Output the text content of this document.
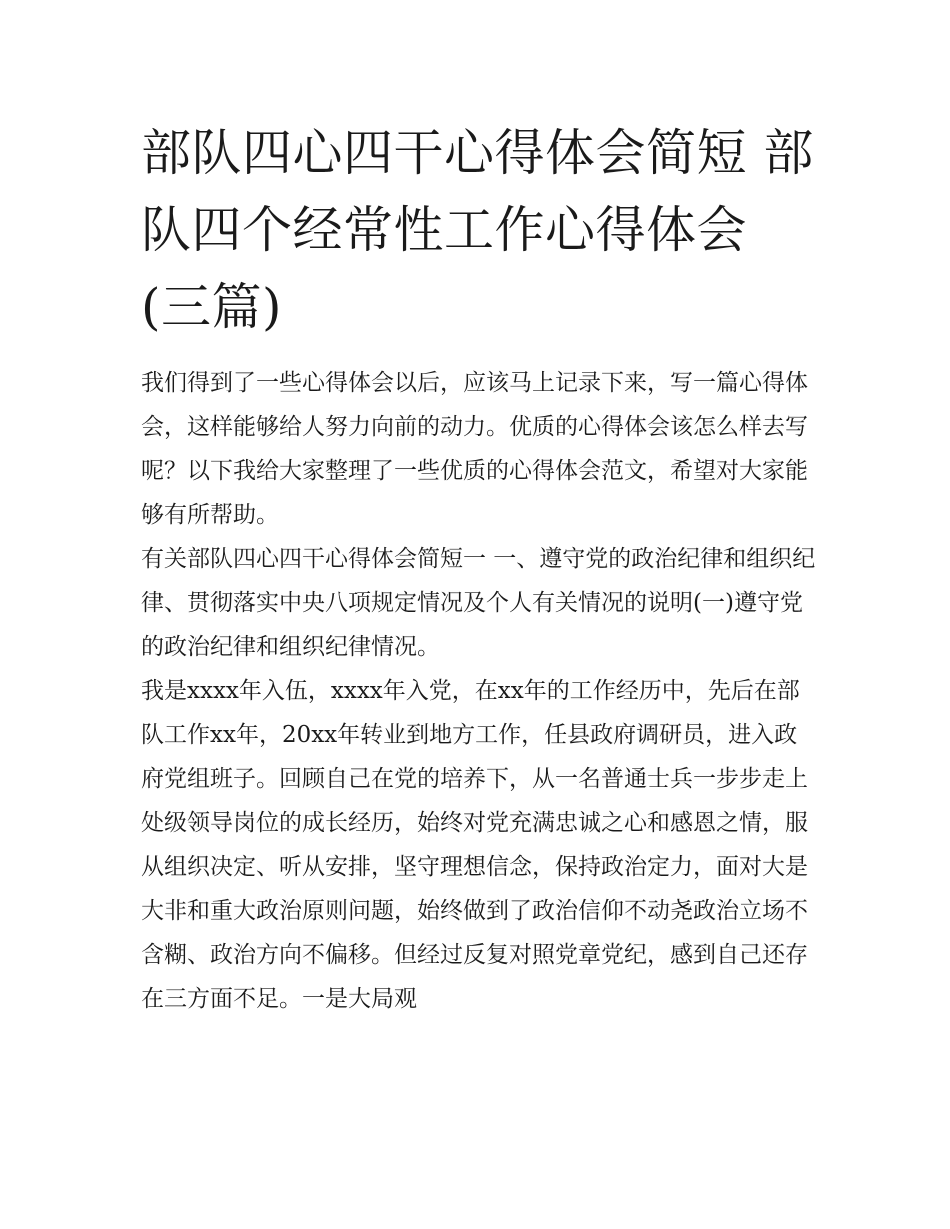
部队四心四干心得体会简短 部队四个经常性工作心得体会(三篇)

我们得到了一些心得体会以后，应该马上记录下来，写一篇心得体会，这样能够给人努力向前的动力。优质的心得体会该怎么样去写呢？以下我给大家整理了一些优质的心得体会范文，希望对大家能够有所帮助。

有关部队四心四干心得体会简短一 一、遵守党的政治纪律和组织纪律、贯彻落实中央八项规定情况及个人有关情况的说明(一)遵守党的政治纪律和组织纪律情况。

我是xxxx年入伍，xxxx年入党，在xx年的工作经历中，先后在部队工作xx年，20xx年转业到地方工作，任县政府调研员，进入政府党组班子。回顾自己在党的培养下，从一名普通士兵一步步走上处级领导岗位的成长经历，始终对党充满忠诚之心和感恩之情，服从组织决定、听从安排，坚守理想信念，保持政治定力，面对大是大非和重大政治原则问题，始终做到了政治信仰不动尧政治立场不含糊、政治方向不偏移。但经过反复对照党章党纪，感到自己还存在三方面不足。一是大局观
